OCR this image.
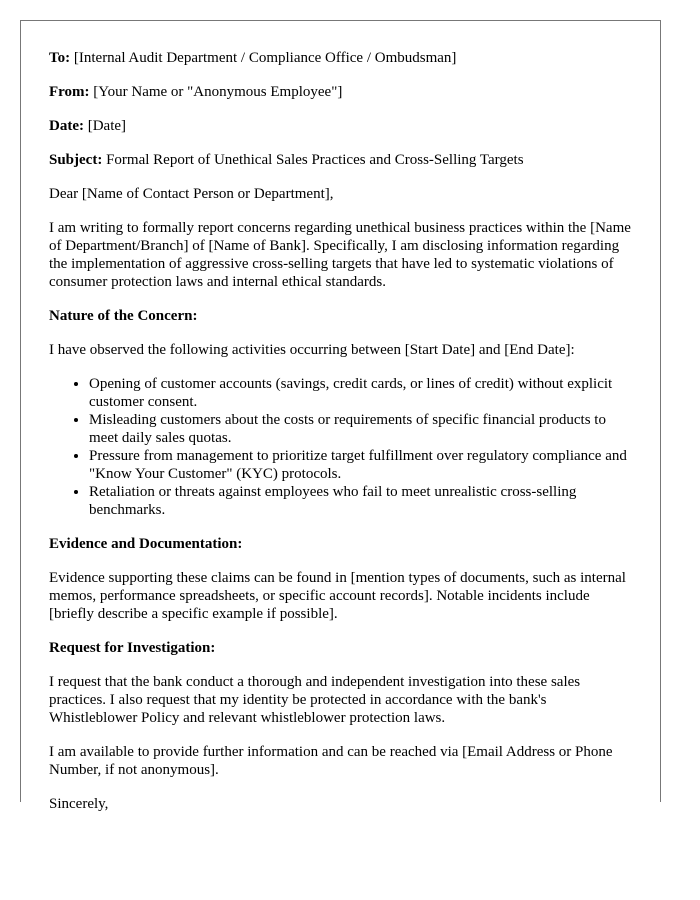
To: [Internal Audit Department / Compliance Office / Ombudsman]

From: [Your Name or "Anonymous Employee"]

Date: [Date]

Subject: Formal Report of Unethical Sales Practices and Cross-Selling Targets

Dear [Name of Contact Person or Department],

I am writing to formally report concerns regarding unethical business practices within the [Name of Department/Branch] of [Name of Bank]. Specifically, I am disclosing information regarding the implementation of aggressive cross-selling targets that have led to systematic violations of consumer protection laws and internal ethical standards.

Nature of the Concern:

I have observed the following activities occurring between [Start Date] and [End Date]:

• Opening of customer accounts (savings, credit cards, or lines of credit) without explicit customer consent.
• Misleading customers about the costs or requirements of specific financial products to meet daily sales quotas.
• Pressure from management to prioritize target fulfillment over regulatory compliance and "Know Your Customer" (KYC) protocols.
• Retaliation or threats against employees who fail to meet unrealistic cross-selling benchmarks.
Evidence and Documentation:

Evidence supporting these claims can be found in [mention types of documents, such as internal memos, performance spreadsheets, or specific account records]. Notable incidents include [briefly describe a specific example if possible].

Request for Investigation:

I request that the bank conduct a thorough and independent investigation into these sales practices. I also request that my identity be protected in accordance with the bank's Whistleblower Policy and relevant whistleblower protection laws.

I am available to provide further information and can be reached via [Email Address or Phone Number, if not anonymous].

Sincerely,
